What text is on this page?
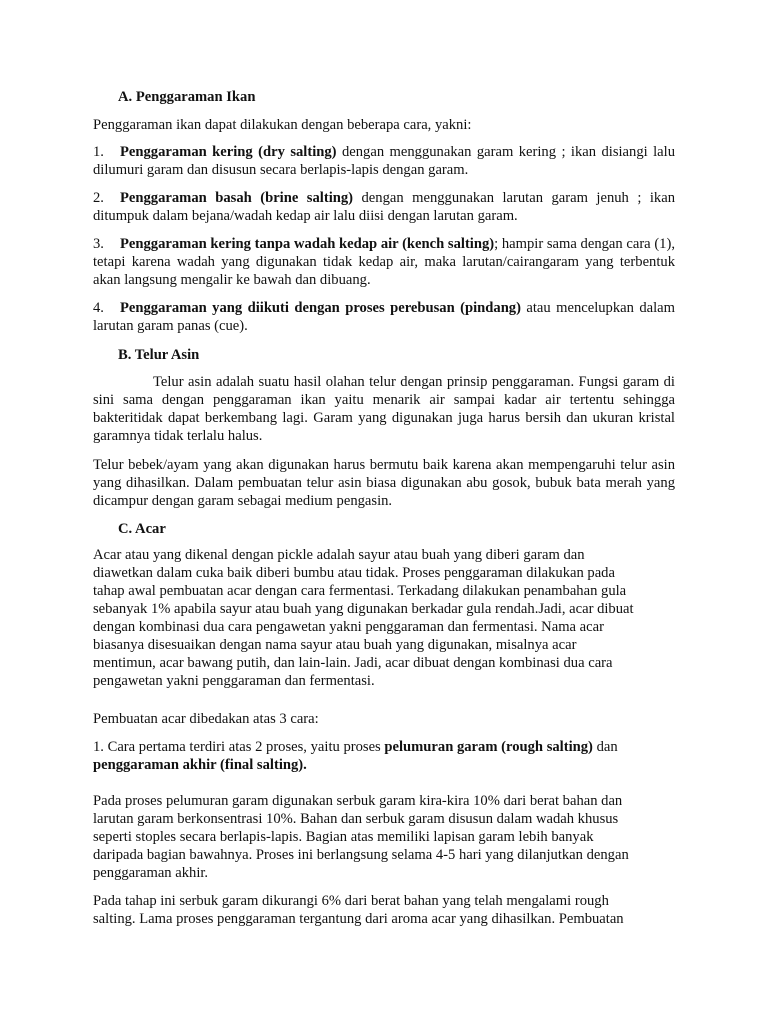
A. Penggaraman Ikan

Penggaraman ikan dapat dilakukan dengan beberapa cara, yakni:

1. Penggaraman kering (dry salting) dengan menggunakan garam kering ; ikan disiangi lalu dilumuri garam dan disusun secara berlapis-lapis dengan garam.

2. Penggaraman basah (brine salting) dengan menggunakan larutan garam jenuh ; ikan ditumpuk dalam bejana/wadah kedap air lalu diisi dengan larutan garam.

3. Penggaraman kering tanpa wadah kedap air (kench salting); hampir sama dengan cara (1), tetapi karena wadah yang digunakan tidak kedap air, maka larutan/cairangaram yang terbentuk akan langsung mengalir ke bawah dan dibuang.

4. Penggaraman yang diikuti dengan proses perebusan (pindang) atau mencelupkan dalam larutan garam panas (cue).

B. Telur Asin

Telur asin adalah suatu hasil olahan telur dengan prinsip penggaraman. Fungsi garam di sini sama dengan penggaraman ikan yaitu menarik air sampai kadar air tertentu sehingga bakteritidak dapat berkembang lagi. Garam yang digunakan juga harus bersih dan ukuran kristal garamnya tidak terlalu halus.

Telur bebek/ayam yang akan digunakan harus bermutu baik karena akan mempengaruhi telur asin yang dihasilkan. Dalam pembuatan telur asin biasa digunakan abu gosok, bubuk bata merah yang dicampur dengan garam sebagai medium pengasin.

C. Acar

Acar atau yang dikenal dengan pickle adalah sayur atau buah yang diberi garam dan
diawetkan dalam cuka baik diberi bumbu atau tidak. Proses penggaraman dilakukan pada
tahap awal pembuatan acar dengan cara fermentasi. Terkadang dilakukan penambahan gula
sebanyak 1% apabila sayur atau buah yang digunakan berkadar gula rendah.Jadi, acar dibuat
dengan kombinasi dua cara pengawetan yakni penggaraman dan fermentasi. Nama acar
biasanya disesuaikan dengan nama sayur atau buah yang digunakan, misalnya acar
mentimun, acar bawang putih, dan lain-lain. Jadi, acar dibuat dengan kombinasi dua cara
pengawetan yakni penggaraman dan fermentasi.

Pembuatan acar dibedakan atas 3 cara:

1. Cara pertama terdiri atas 2 proses, yaitu proses pelumuran garam (rough salting) dan
penggaraman akhir (final salting).
Pada proses pelumuran garam digunakan serbuk garam kira-kira 10% dari berat bahan dan
larutan garam berkonsentrasi 10%. Bahan dan serbuk garam disusun dalam wadah khusus
seperti stoples secara berlapis-lapis. Bagian atas memiliki lapisan garam lebih banyak
daripada bagian bawahnya. Proses ini berlangsung selama 4-5 hari yang dilanjutkan dengan
penggaraman akhir.
Pada tahap ini serbuk garam dikurangi 6% dari berat bahan yang telah mengalami rough
salting. Lama proses penggaraman tergantung dari aroma acar yang dihasilkan. Pembuatan
